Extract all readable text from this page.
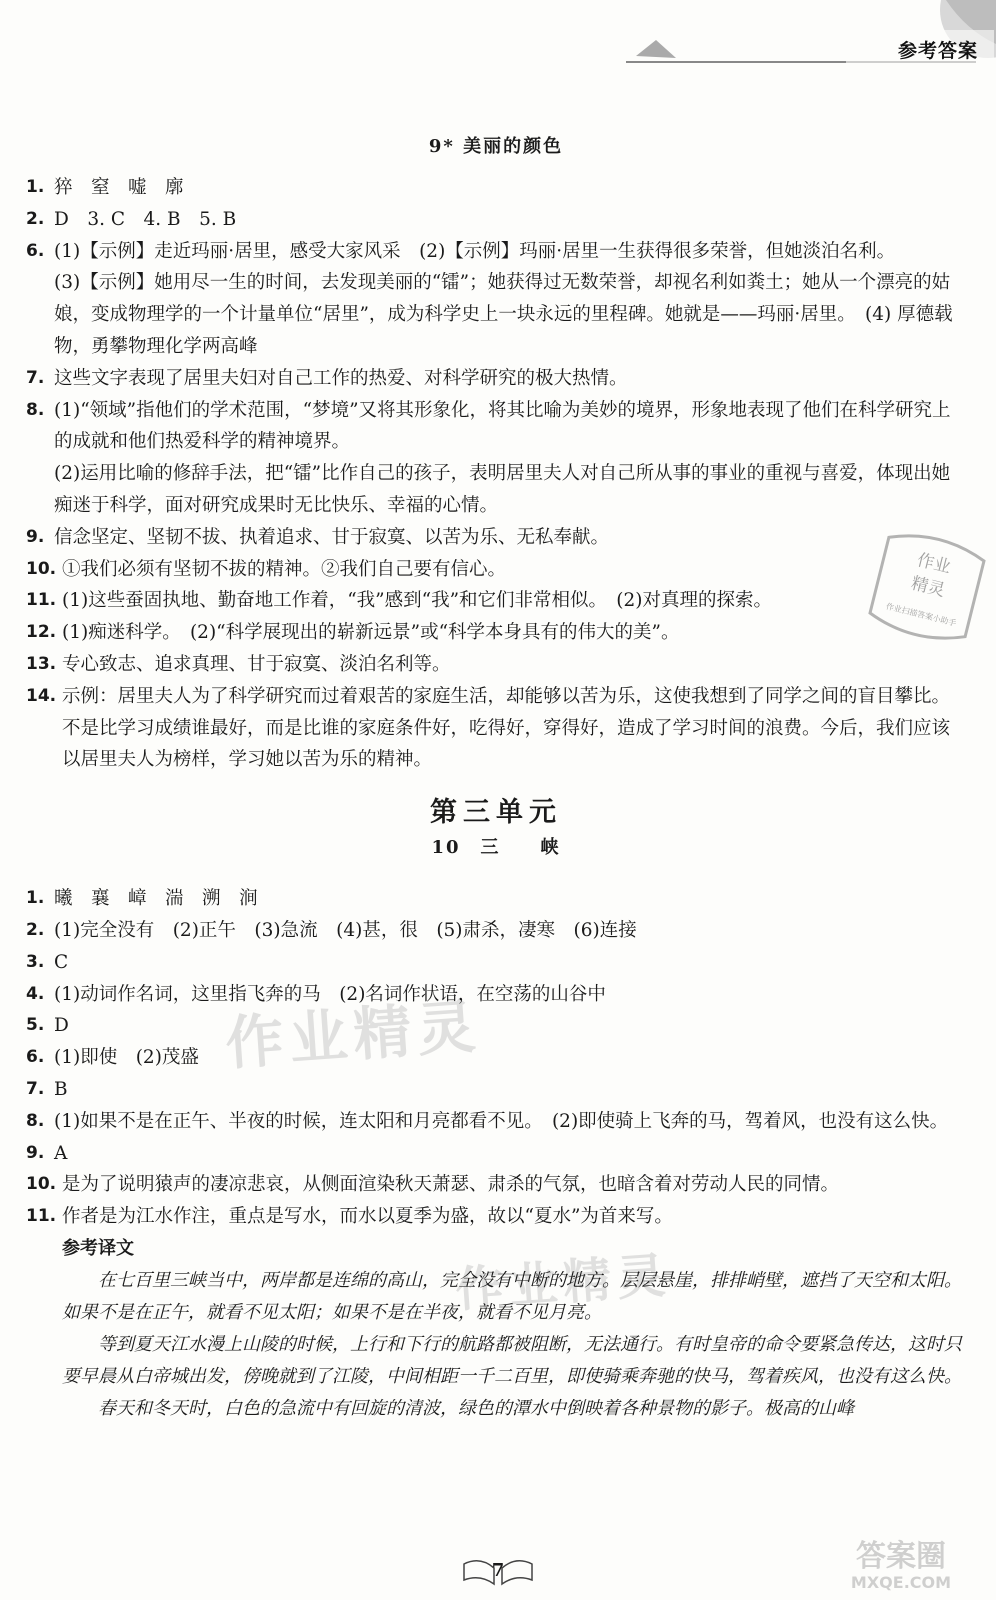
参考答案
作业
精灵
作业扫描答案小助手
作业精灵
作业精灵
9* 美丽的颜色
1. 猝　窒　嘘　廓
2. D　3. C　4. B　5. B
6. (1)【示例】走近玛丽·居里，感受大家风采　(2)【示例】玛丽·居里一生获得很多荣誉，但她淡泊名利。
(3)【示例】她用尽一生的时间，去发现美丽的“镭”；她获得过无数荣誉，却视名利如粪土；她从一个漂亮的姑娘，变成物理学的一个计量单位“居里”，成为科学史上一块永远的里程碑。她就是——玛丽·居里。　(4) 厚德载物，勇攀物理化学两高峰
7. 这些文字表现了居里夫妇对自己工作的热爱、对科学研究的极大热情。
8. (1)“领域”指他们的学术范围，“梦境”又将其形象化，将其比喻为美妙的境界，形象地表现了他们在科学研究上的成就和他们热爱科学的精神境界。
(2)运用比喻的修辞手法，把“镭”比作自己的孩子，表明居里夫人对自己所从事的事业的重视与喜爱，体现出她痴迷于科学，面对研究成果时无比快乐、幸福的心情。
9. 信念坚定、坚韧不拔、执着追求、甘于寂寞、以苦为乐、无私奉献。
10. ①我们必须有坚韧不拔的精神。②我们自己要有信心。
11. (1)这些蚕固执地、勤奋地工作着，“我”感到“我”和它们非常相似。　(2)对真理的探索。
12. (1)痴迷科学。　(2)“科学展现出的崭新远景”或“科学本身具有的伟大的美”。
13. 专心致志、追求真理、甘于寂寞、淡泊名利等。
14. 示例：居里夫人为了科学研究而过着艰苦的家庭生活，却能够以苦为乐，这使我想到了同学之间的盲目攀比。不是比学习成绩谁最好，而是比谁的家庭条件好，吃得好，穿得好，造成了学习时间的浪费。今后，我们应该以居里夫人为榜样，学习她以苦为乐的精神。
第三单元
10　三　　峡
1. 曦　襄　嶂　湍　溯　涧
2. (1)完全没有　(2)正午　(3)急流　(4)甚，很　(5)肃杀，凄寒　(6)连接
3. C
4. (1)动词作名词，这里指飞奔的马　(2)名词作状语，在空荡的山谷中
5. D
6. (1)即使　(2)茂盛
7. B
8. (1)如果不是在正午、半夜的时候，连太阳和月亮都看不见。　(2)即使骑上飞奔的马，驾着风，也没有这么快。
9. A
10. 是为了说明猿声的凄凉悲哀，从侧面渲染秋天萧瑟、肃杀的气氛，也暗含着对劳动人民的同情。
11. 作者是为江水作注，重点是写水，而水以夏季为盛，故以“夏水”为首来写。
参考译文
在七百里三峡当中，两岸都是连绵的高山，完全没有中断的地方。层层悬崖，排排峭壁，遮挡了天空和太阳。如果不是在正午，就看不见太阳；如果不是在半夜，就看不见月亮。
等到夏天江水漫上山陵的时候，上行和下行的航路都被阻断，无法通行。有时皇帝的命令要紧急传达，这时只要早晨从白帝城出发，傍晚就到了江陵，中间相距一千二百里，即使骑乘奔驰的快马，驾着疾风，也没有这么快。
春天和冬天时，白色的急流中有回旋的清波，绿色的潭水中倒映着各种景物的影子。极高的山峰
7	答案圈
MXQE.COM
